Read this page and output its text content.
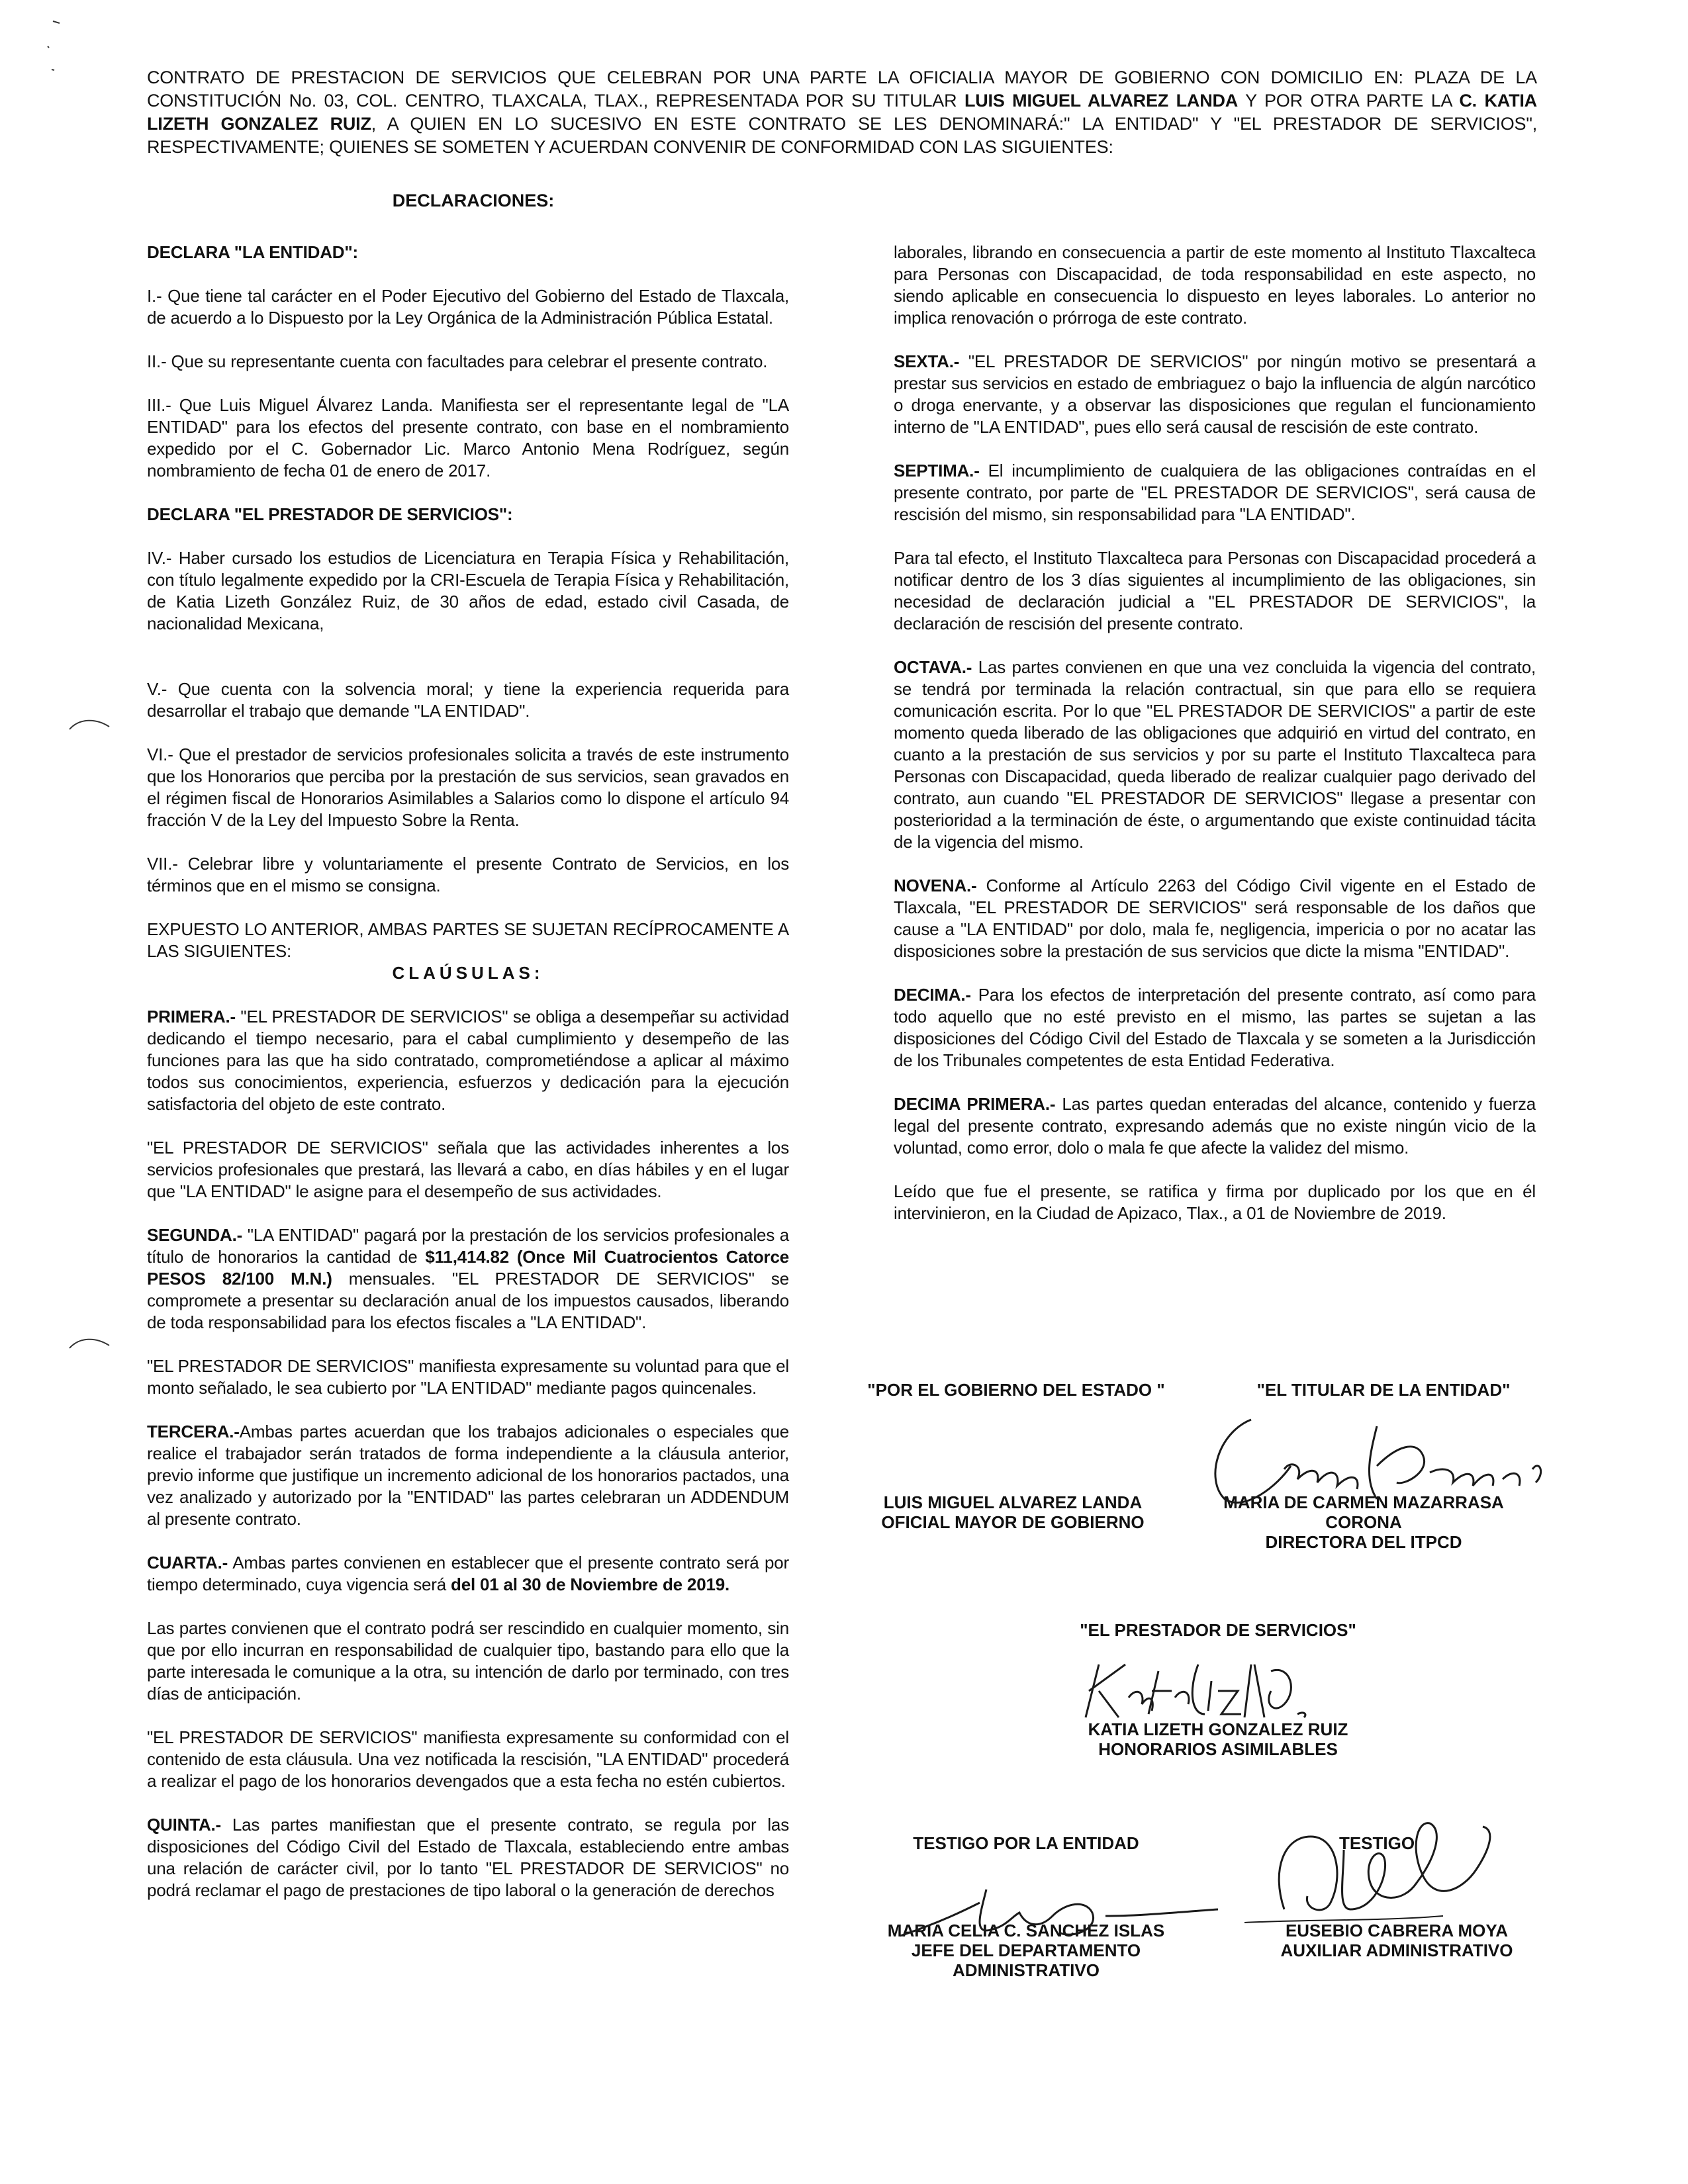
CONTRATO DE PRESTACION DE SERVICIOS QUE CELEBRAN POR UNA PARTE LA OFICIALIA MAYOR DE GOBIERNO CON DOMICILIO EN: PLAZA DE LA CONSTITUCIÓN No. 03, COL. CENTRO, TLAXCALA, TLAX., REPRESENTADA POR SU TITULAR LUIS MIGUEL ALVAREZ LANDA Y POR OTRA PARTE LA C. KATIA LIZETH GONZALEZ RUIZ, A QUIEN EN LO SUCESIVO EN ESTE CONTRATO SE LES DENOMINARÁ:" LA ENTIDAD" Y "EL PRESTADOR DE SERVICIOS", RESPECTIVAMENTE; QUIENES SE SOMETEN Y ACUERDAN CONVENIR DE CONFORMIDAD CON LAS SIGUIENTES:
DECLARACIONES:

DECLARA "LA ENTIDAD":

I.- Que tiene tal carácter en el Poder Ejecutivo del Gobierno del Estado de Tlaxcala, de acuerdo a lo Dispuesto por la Ley Orgánica de la Administración Pública Estatal.

II.- Que su representante cuenta con facultades para celebrar el presente contrato.

III.- Que Luis Miguel Álvarez Landa. Manifiesta ser el representante legal de "LA ENTIDAD" para los efectos del presente contrato, con base en el nombramiento expedido por el C. Gobernador Lic. Marco Antonio Mena Rodríguez, según nombramiento de fecha 01 de enero de 2017.

DECLARA "EL PRESTADOR DE SERVICIOS":

IV.- Haber cursado los estudios de Licenciatura en Terapia Física y Rehabilitación, con título legalmente expedido por la CRI-Escuela de Terapia Física y Rehabilitación, de Katia Lizeth González Ruiz, de 30 años de edad, estado civil Casada, de nacionalidad Mexicana,

V.- Que cuenta con la solvencia moral; y tiene la experiencia requerida para desarrollar el trabajo que demande "LA ENTIDAD".

VI.- Que el prestador de servicios profesionales solicita a través de este instrumento que los Honorarios que perciba por la prestación de sus servicios, sean gravados en el régimen fiscal de Honorarios Asimilables a Salarios como lo dispone el artículo 94 fracción V de la Ley del Impuesto Sobre la Renta.

VII.- Celebrar libre y voluntariamente el presente Contrato de Servicios, en los términos que en el mismo se consigna.

EXPUESTO LO ANTERIOR, AMBAS PARTES SE SUJETAN RECÍPROCAMENTE A LAS SIGUIENTES:

CLAÚSULAS:

PRIMERA.- "EL PRESTADOR DE SERVICIOS" se obliga a desempeñar su actividad dedicando el tiempo necesario, para el cabal cumplimiento y desempeño de las funciones para las que ha sido contratado, comprometiéndose a aplicar al máximo todos sus conocimientos, experiencia, esfuerzos y dedicación para la ejecución satisfactoria del objeto de este contrato.

"EL PRESTADOR DE SERVICIOS" señala que las actividades inherentes a los servicios profesionales que prestará, las llevará a cabo, en días hábiles y en el lugar que "LA ENTIDAD" le asigne para el desempeño de sus actividades.

SEGUNDA.- "LA ENTIDAD" pagará por la prestación de los servicios profesionales a título de honorarios la cantidad de $11,414.82 (Once Mil Cuatrocientos Catorce PESOS 82/100 M.N.) mensuales. "EL PRESTADOR DE SERVICIOS" se compromete a presentar su declaración anual de los impuestos causados, liberando de toda responsabilidad para los efectos fiscales a "LA ENTIDAD".

"EL PRESTADOR DE SERVICIOS" manifiesta expresamente su voluntad para que el monto señalado, le sea cubierto por "LA ENTIDAD" mediante pagos quincenales.

TERCERA.-Ambas partes acuerdan que los trabajos adicionales o especiales que realice el trabajador serán tratados de forma independiente a la cláusula anterior, previo informe que justifique un incremento adicional de los honorarios pactados, una vez analizado y autorizado por la "ENTIDAD" las partes celebraran un ADDENDUM al presente contrato.

CUARTA.- Ambas partes convienen en establecer que el presente contrato será por tiempo determinado, cuya vigencia será del 01 al 30 de Noviembre de 2019.

Las partes convienen que el contrato podrá ser rescindido en cualquier momento, sin que por ello incurran en responsabilidad de cualquier tipo, bastando para ello que la parte interesada le comunique a la otra, su intención de darlo por terminado, con tres días de anticipación.

"EL PRESTADOR DE SERVICIOS" manifiesta expresamente su conformidad con el contenido de esta cláusula. Una vez notificada la rescisión, "LA ENTIDAD" procederá a realizar el pago de los honorarios devengados que a esta fecha no estén cubiertos.

QUINTA.- Las partes manifiestan que el presente contrato, se regula por las disposiciones del Código Civil del Estado de Tlaxcala, estableciendo entre ambas una relación de carácter civil, por lo tanto "EL PRESTADOR DE SERVICIOS" no podrá reclamar el pago de prestaciones de tipo laboral o la generación de derechos

laborales, librando en consecuencia a partir de este momento al Instituto Tlaxcalteca para Personas con Discapacidad, de toda responsabilidad en este aspecto, no siendo aplicable en consecuencia lo dispuesto en leyes laborales. Lo anterior no implica renovación o prórroga de este contrato.

SEXTA.- "EL PRESTADOR DE SERVICIOS" por ningún motivo se presentará a prestar sus servicios en estado de embriaguez o bajo la influencia de algún narcótico o droga enervante, y a observar las disposiciones que regulan el funcionamiento interno de "LA ENTIDAD", pues ello será causal de rescisión de este contrato.

SEPTIMA.- El incumplimiento de cualquiera de las obligaciones contraídas en el presente contrato, por parte de "EL PRESTADOR DE SERVICIOS", será causa de rescisión del mismo, sin responsabilidad para "LA ENTIDAD".

Para tal efecto, el Instituto Tlaxcalteca para Personas con Discapacidad procederá a notificar dentro de los 3 días siguientes al incumplimiento de las obligaciones, sin necesidad de declaración judicial a "EL PRESTADOR DE SERVICIOS", la declaración de rescisión del presente contrato.

OCTAVA.- Las partes convienen en que una vez concluida la vigencia del contrato, se tendrá por terminada la relación contractual, sin que para ello se requiera comunicación escrita. Por lo que "EL PRESTADOR DE SERVICIOS" a partir de este momento queda liberado de las obligaciones que adquirió en virtud del contrato, en cuanto a la prestación de sus servicios y por su parte el Instituto Tlaxcalteca para Personas con Discapacidad, queda liberado de realizar cualquier pago derivado del contrato, aun cuando "EL PRESTADOR DE SERVICIOS" llegase a presentar con posterioridad a la terminación de éste, o argumentando que existe continuidad tácita de la vigencia del mismo.

NOVENA.- Conforme al Artículo 2263 del Código Civil vigente en el Estado de Tlaxcala, "EL PRESTADOR DE SERVICIOS" será responsable de los daños que cause a "LA ENTIDAD" por dolo, mala fe, negligencia, impericia o por no acatar las disposiciones sobre la prestación de sus servicios que dicte la misma "ENTIDAD".

DECIMA.- Para los efectos de interpretación del presente contrato, así como para todo aquello que no esté previsto en el mismo, las partes se sujetan a las disposiciones del Código Civil del Estado de Tlaxcala y se someten a la Jurisdicción de los Tribunales competentes de esta Entidad Federativa.

DECIMA PRIMERA.- Las partes quedan enteradas del alcance, contenido y fuerza legal del presente contrato, expresando además que no existe ningún vicio de la voluntad, como error, dolo o mala fe que afecte la validez del mismo.

Leído que fue el presente, se ratifica y firma por duplicado por los que en él intervinieron, en la Ciudad de Apizaco, Tlax., a 01 de Noviembre de 2019.

"POR EL GOBIERNO DEL ESTADO "	"EL TITULAR DE LA ENTIDAD"
LUIS MIGUEL ALVAREZ LANDA
OFICIAL MAYOR DE GOBIERNO
MARIA DE CARMEN MAZARRASA
CORONA
DIRECTORA DEL ITPCD
"EL PRESTADOR DE SERVICIOS"
KATIA LIZETH GONZALEZ RUIZ
HONORARIOS ASIMILABLES
TESTIGO POR LA ENTIDAD
MARIA CELIA C. SANCHEZ ISLAS
JEFE DEL DEPARTAMENTO
ADMINISTRATIVO
TESTIGO
EUSEBIO CABRERA MOYA
AUXILIAR ADMINISTRATIVO
